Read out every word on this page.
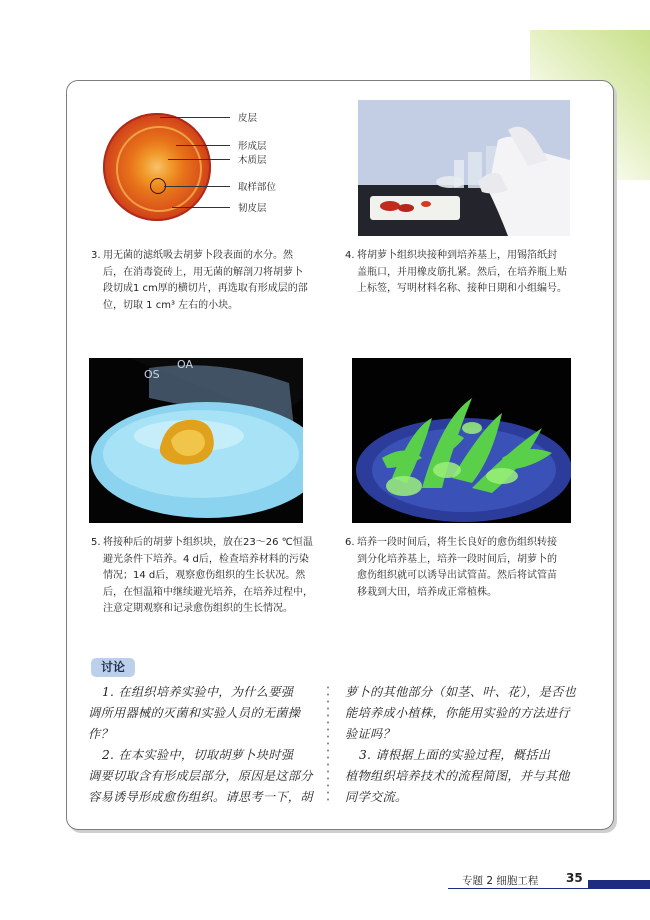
皮层
形成层
木质层
取样部位
韧皮层
3. 用无菌的滤纸吸去胡萝卜段表面的水分。然
后，在消毒瓷砖上，用无菌的解剖刀将胡萝卜
段切成1 cm厚的横切片，再选取有形成层的部
位，切取 1 cm³ 左右的小块。
4. 将胡萝卜组织块接种到培养基上，用锡箔纸封
盖瓶口，并用橡皮筋扎紧。然后，在培养瓶上贴
上标签，写明材料名称、接种日期和小组编号。
OS
OA
5. 将接种后的胡萝卜组织块，放在23～26 ℃恒温
避光条件下培养。4 d后，检查培养材料的污染
情况；14 d后，观察愈伤组织的生长状况。然
后，在恒温箱中继续避光培养，在培养过程中，
注意定期观察和记录愈伤组织的生长情况。
6. 培养一段时间后，将生长良好的愈伤组织转接
到分化培养基上，培养一段时间后，胡萝卜的
愈伤组织就可以诱导出试管苗。然后将试管苗
移栽到大田，培养成正常植株。
讨论
1. 在组织培养实验中，为什么要强
调所用器械的灭菌和实验人员的无菌操
作？
2. 在本实验中，切取胡萝卜块时强
调要切取含有形成层部分，原因是这部分
容易诱导形成愈伤组织。请思考一下，胡
萝卜的其他部分（如茎、叶、花），是否也
能培养成小植株，你能用实验的方法进行
验证吗？
3. 请根据上面的实验过程，概括出
植物组织培养技术的流程简图，并与其他
同学交流。
专题 2 细胞工程 35
